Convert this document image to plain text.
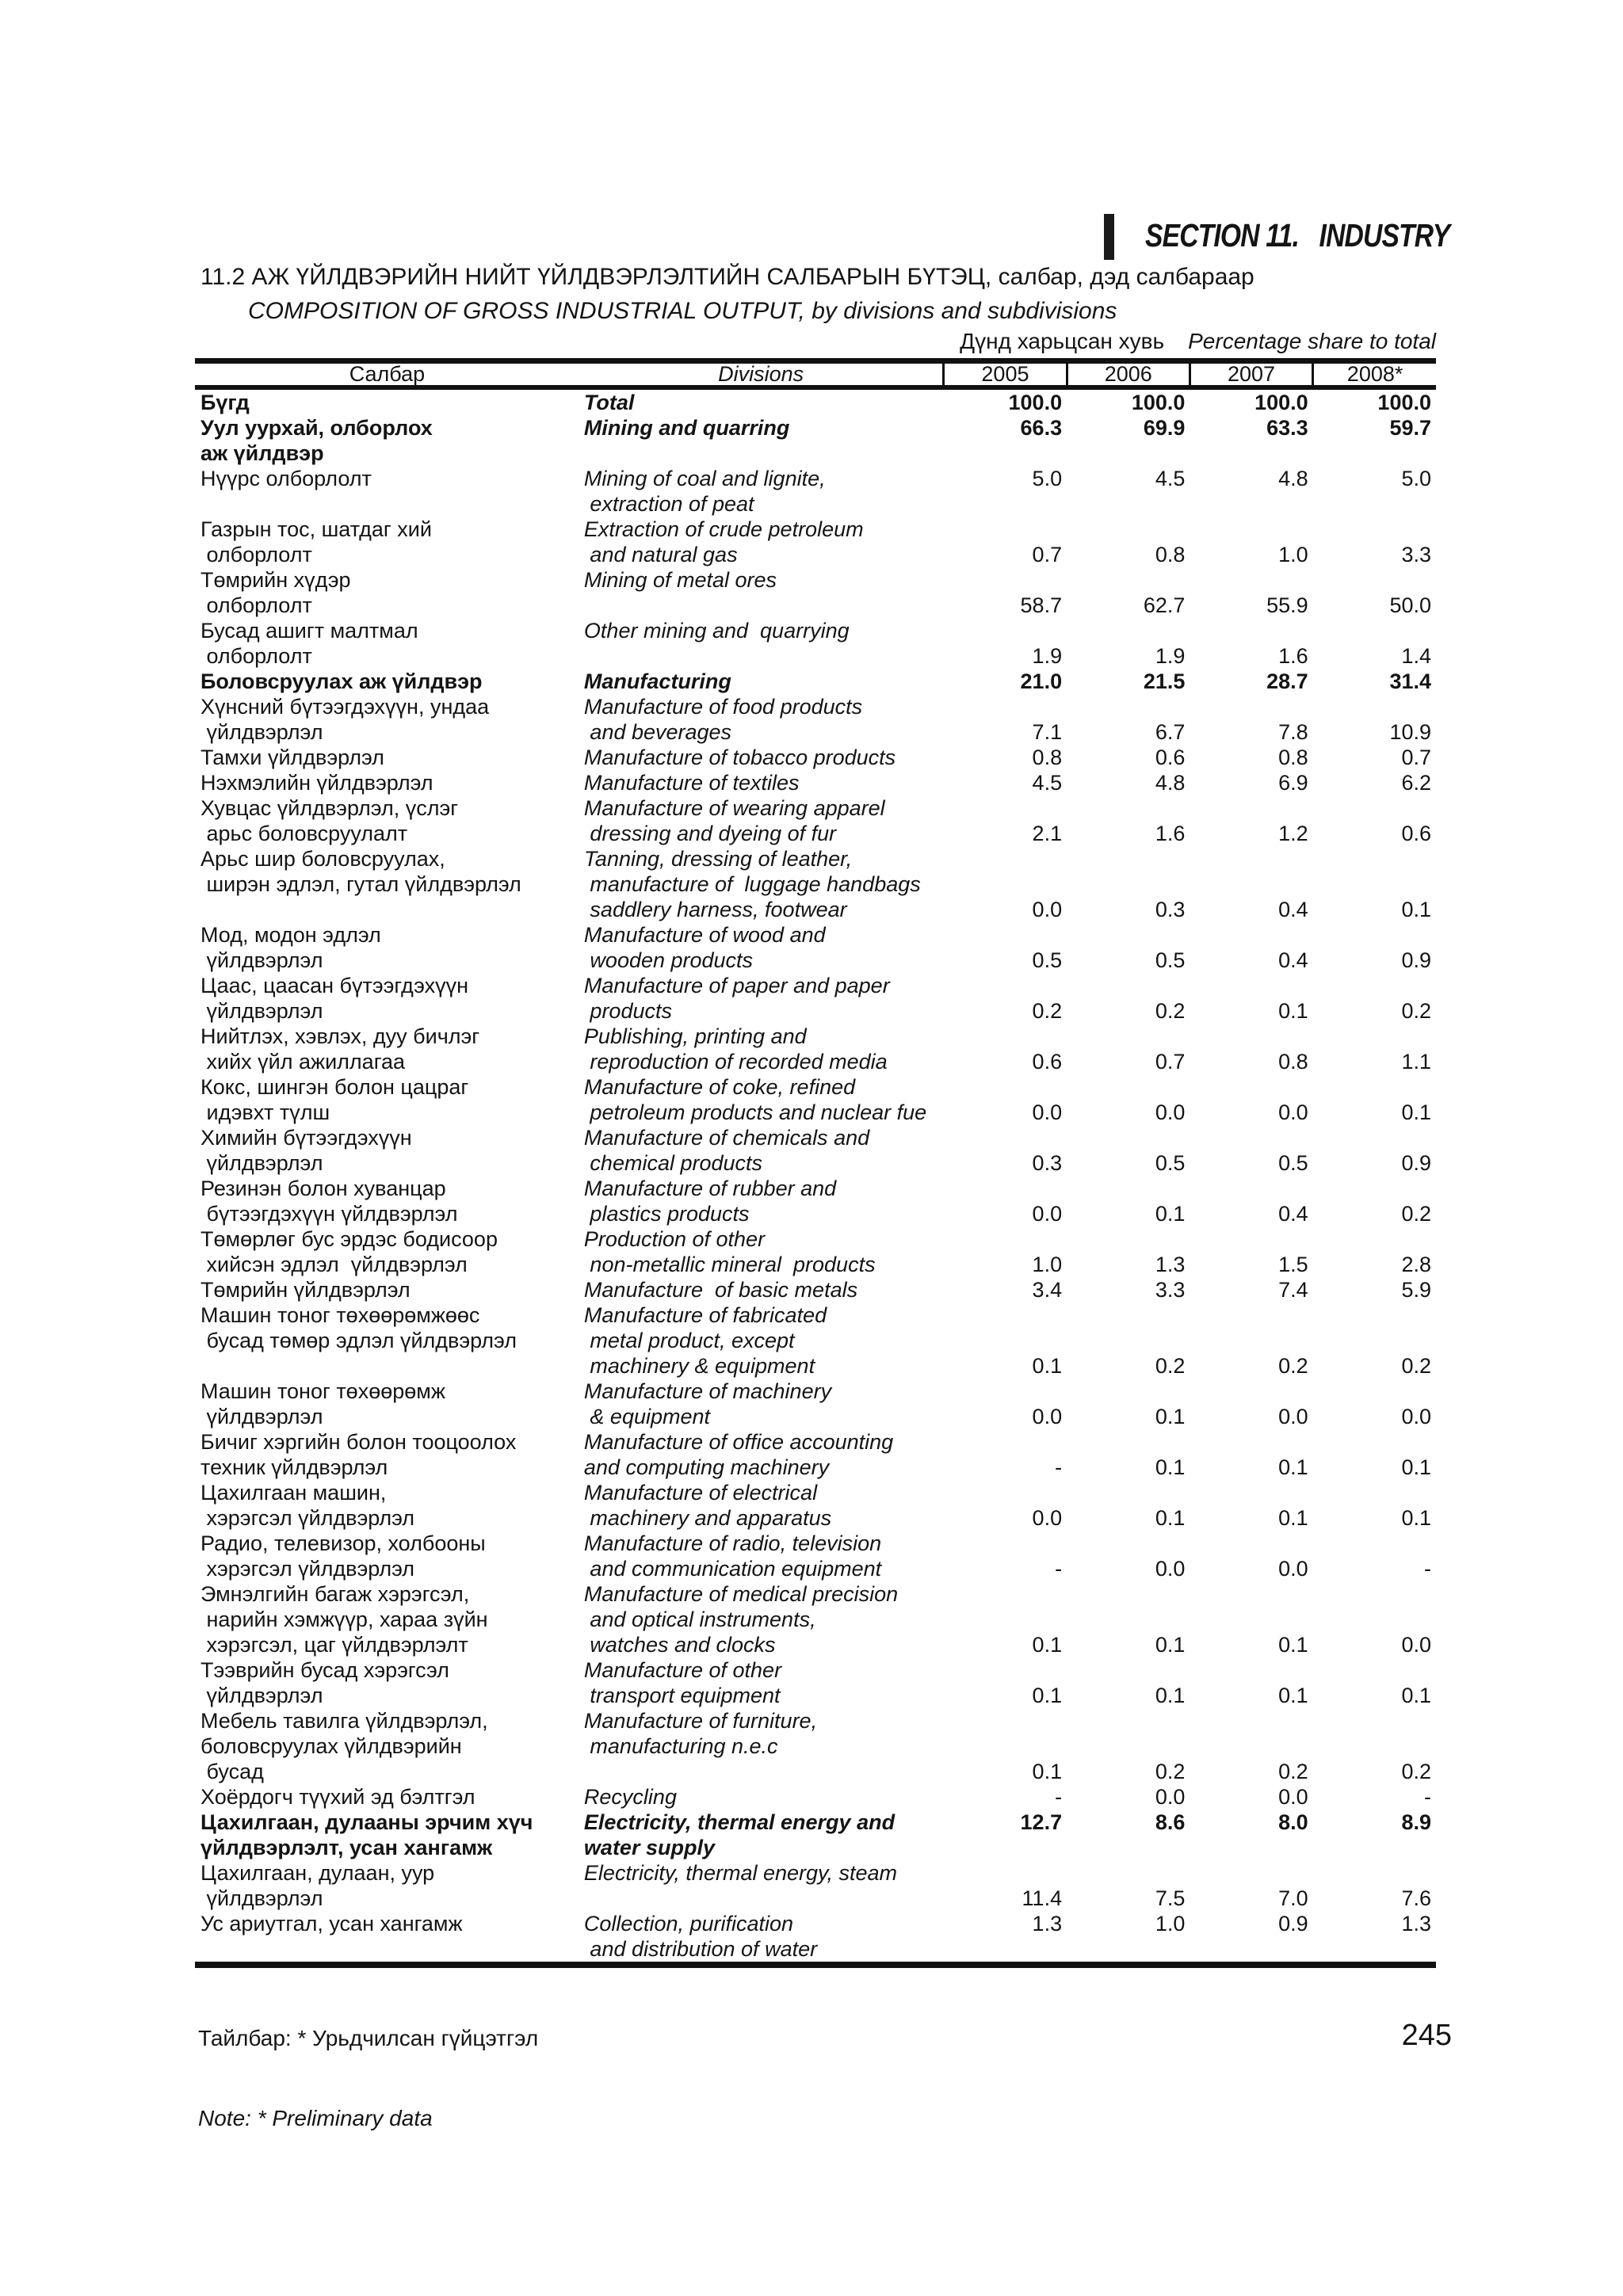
SECTION 11.   INDUSTRY
11.2 АЖ ҮЙЛДВЭРИЙН НИЙТ ҮЙЛДВЭРЛЭЛТИЙН САЛБАРЫН БҮТЭЦ, салбар, дэд салбараар
COMPOSITION OF GROSS INDUSTRIAL OUTPUT, by divisions and subdivisions
Дүнд харьцсан хувь Percentage share to total
Салбар	Divisions	2005	2006	2007	2008*
Бүгд	Total	100.0	100.0	100.0	100.0
Уул уурхай, олборлох	Mining and quarring	66.3	69.9	63.3	59.7
аж үйлдвэр					
Нүүрс олборлолт	Mining of coal and lignite,	5.0	4.5	4.8	5.0
	extraction of peat				
Газрын тос, шатдаг хий	Extraction of crude petroleum				
олборлолт	and natural gas	0.7	0.8	1.0	3.3
Төмрийн хүдэр	Mining of metal ores				
олборлолт		58.7	62.7	55.9	50.0
Бусад ашигт малтмал	Other mining and  quarrying				
олборлолт		1.9	1.9	1.6	1.4
Боловсруулах аж үйлдвэр	Manufacturing	21.0	21.5	28.7	31.4
Хүнсний бүтээгдэхүүн, ундаа	Manufacture of food products				
үйлдвэрлэл	and beverages	7.1	6.7	7.8	10.9
Тамхи үйлдвэрлэл	Manufacture of tobacco products	0.8	0.6	0.8	0.7
Нэхмэлийн үйлдвэрлэл	Manufacture of textiles	4.5	4.8	6.9	6.2
Хувцас үйлдвэрлэл, үслэг	Manufacture of wearing apparel				
арьс боловсруулалт	dressing and dyeing of fur	2.1	1.6	1.2	0.6
Арьс шир боловсруулах,	Tanning, dressing of leather,				
ширэн эдлэл, гутал үйлдвэрлэл	manufacture of  luggage handbags				
	saddlery harness, footwear	0.0	0.3	0.4	0.1
Мод, модон эдлэл	Manufacture of wood and				
үйлдвэрлэл	wooden products	0.5	0.5	0.4	0.9
Цаас, цаасан бүтээгдэхүүн	Manufacture of paper and paper				
үйлдвэрлэл	products	0.2	0.2	0.1	0.2
Нийтлэх, хэвлэх, дуу бичлэг	Publishing, printing and				
хийх үйл ажиллагаа	reproduction of recorded media	0.6	0.7	0.8	1.1
Кокс, шингэн болон цацраг	Manufacture of coke, refined				
идэвхт түлш	petroleum products and nuclear fue	0.0	0.0	0.0	0.1
Химийн бүтээгдэхүүн	Manufacture of chemicals and				
үйлдвэрлэл	chemical products	0.3	0.5	0.5	0.9
Резинэн болон хуванцар	Manufacture of rubber and				
бүтээгдэхүүн үйлдвэрлэл	plastics products	0.0	0.1	0.4	0.2
Төмөрлөг бус эрдэс бодисоор	Production of other				
хийсэн эдлэл  үйлдвэрлэл	non-metallic mineral  products	1.0	1.3	1.5	2.8
Төмрийн үйлдвэрлэл	Manufacture  of basic metals	3.4	3.3	7.4	5.9
Машин тоног төхөөрөмжөөс	Manufacture of fabricated				
бусад төмөр эдлэл үйлдвэрлэл	metal product, except				
	machinery & equipment	0.1	0.2	0.2	0.2
Машин тоног төхөөрөмж	Manufacture of machinery				
үйлдвэрлэл	& equipment	0.0	0.1	0.0	0.0
Бичиг хэргийн болон тооцоолох	Manufacture of office accounting				
техник үйлдвэрлэл	and computing machinery	-	0.1	0.1	0.1
Цахилгаан машин,	Manufacture of electrical				
хэрэгсэл үйлдвэрлэл	machinery and apparatus	0.0	0.1	0.1	0.1
Радио, телевизор, холбооны	Manufacture of radio, television				
хэрэгсэл үйлдвэрлэл	and communication equipment	-	0.0	0.0	-
Эмнэлгийн багаж хэрэгсэл,	Manufacture of medical precision				
нарийн хэмжүүр, хараа зүйн	and optical instruments,				
хэрэгсэл, цаг үйлдвэрлэлт	watches and clocks	0.1	0.1	0.1	0.0
Тээврийн бусад хэрэгсэл	Manufacture of other				
үйлдвэрлэл	transport equipment	0.1	0.1	0.1	0.1
Мебель тавилга үйлдвэрлэл,	Manufacture of furniture,				
боловсруулах үйлдвэрийн	manufacturing n.e.c				
бусад		0.1	0.2	0.2	0.2
Хоёрдогч түүхий эд бэлтгэл	Recycling	-	0.0	0.0	-
Цахилгаан, дулааны эрчим хүч	Electricity, thermal energy and	12.7	8.6	8.0	8.9
үйлдвэрлэлт, усан хангамж	water supply				
Цахилгаан, дулаан, уур	Electricity, thermal energy, steam				
үйлдвэрлэл		11.4	7.5	7.0	7.6
Ус ариутгал, усан хангамж	Collection, purification	1.3	1.0	0.9	1.3
	and distribution of water				

Тайлбар: * Урьдчилсан гүйцэтгэл

Note: * Preliminary data

245
